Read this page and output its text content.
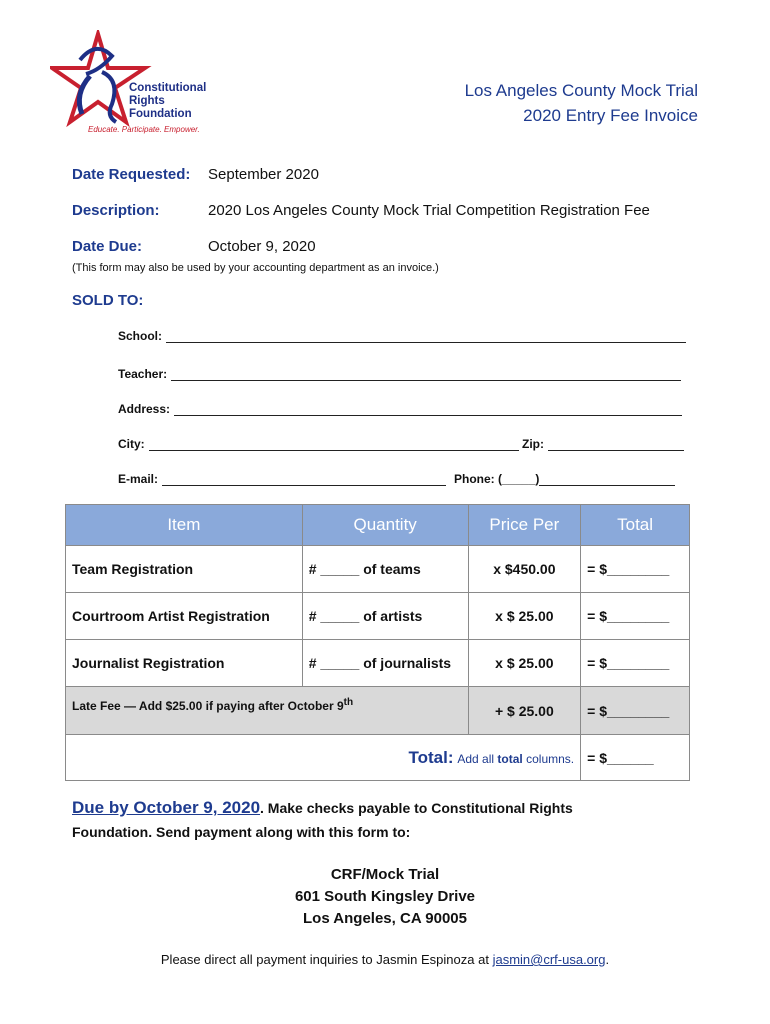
Constitutional
Rights
Foundation
Educate. Participate. Empower.
Los Angeles County Mock Trial
2020 Entry Fee Invoice
Date Requested: September 2020
Description:	2020 Los Angeles County Mock Trial Competition Registration Fee
Date Due:	October 9, 2020
(This form may also be used by your accounting department as an invoice.)
SOLD TO:
School:
Teacher:
Address:
City:	Zip:
E-mail:	Phone: (_____)
Item	Quantity	Price Per	Total
Team Registration	# _____ of teams	x $450.00	= $________
Courtroom Artist Registration	# _____ of artists	x $ 25.00	= $________
Journalist Registration	# _____ of journalists	x $ 25.00	= $________
Late Fee — Add $25.00 if paying after October 9th		+ $ 25.00	= $________
Total: Add all total columns.			= $______
Due by October 9, 2020. Make checks payable to Constitutional Rights Foundation. Send payment along with this form to:
CRF/Mock Trial
601 South Kingsley Drive
Los Angeles, CA 90005
Please direct all payment inquiries to Jasmin Espinoza at jasmin@crf-usa.org.
